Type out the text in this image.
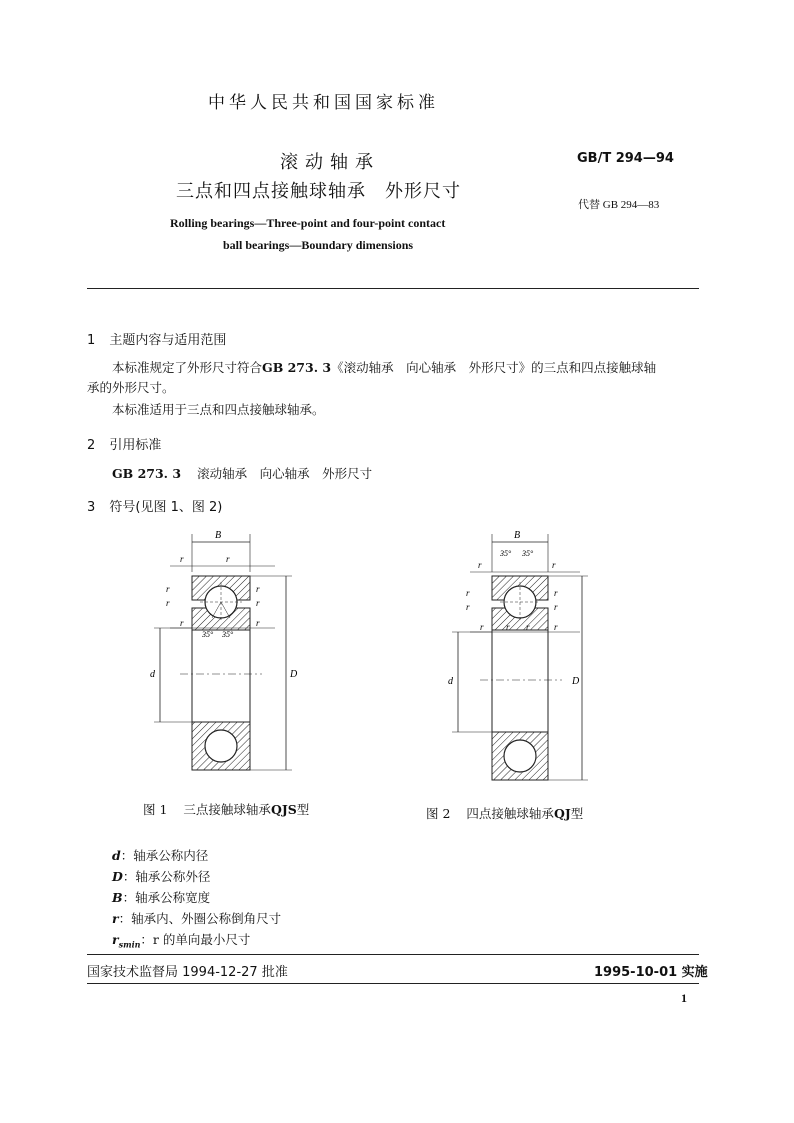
中华人民共和国国家标准
滚动轴承
三点和四点接触球轴承　外形尺寸
GB/T 294—94
代替 GB 294—83
Rolling bearings—Three-point and four-point contact
ball bearings—Boundary dimensions
1 主题内容与适用范围
本标准规定了外形尺寸符合GB 273. 3《滚动轴承　向心轴承　外形尺寸》的三点和四点接触球轴
承的外形尺寸。
本标准适用于三点和四点接触球轴承。
2 引用标准
GB 273. 3 滚动轴承　向心轴承　外形尺寸
3 符号(见图 1、图 2)
B
r	r
r
r
r
r
r	r
35° 35°
d	D
B
35° 35°
r	r
r
r
r
r
r r r	r
d	D
图 1 三点接触球轴承QJS型	图 2 四点接触球轴承QJ型
d：轴承公称内径
D：轴承公称外径
B：轴承公称宽度
r：轴承内、外圈公称倒角尺寸
$r_{smin}$：r 的单向最小尺寸
国家技术监督局 1994-12-27 批准	1995-10-01 实施
1
